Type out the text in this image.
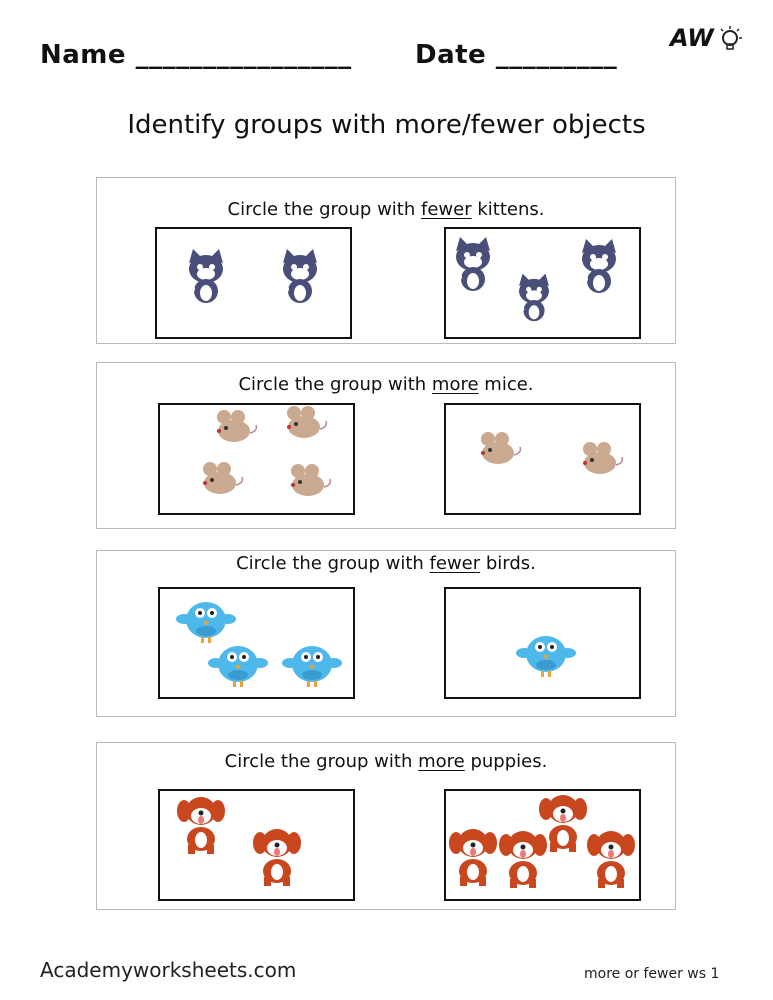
Name ________________ Date _________
AW
Identify groups with more/fewer objects
Circle the group with fewer kittens.
Circle the group with more mice.
Circle the group with fewer birds.
Circle the group with more puppies.
Academyworksheets.com	more or fewer ws 1
